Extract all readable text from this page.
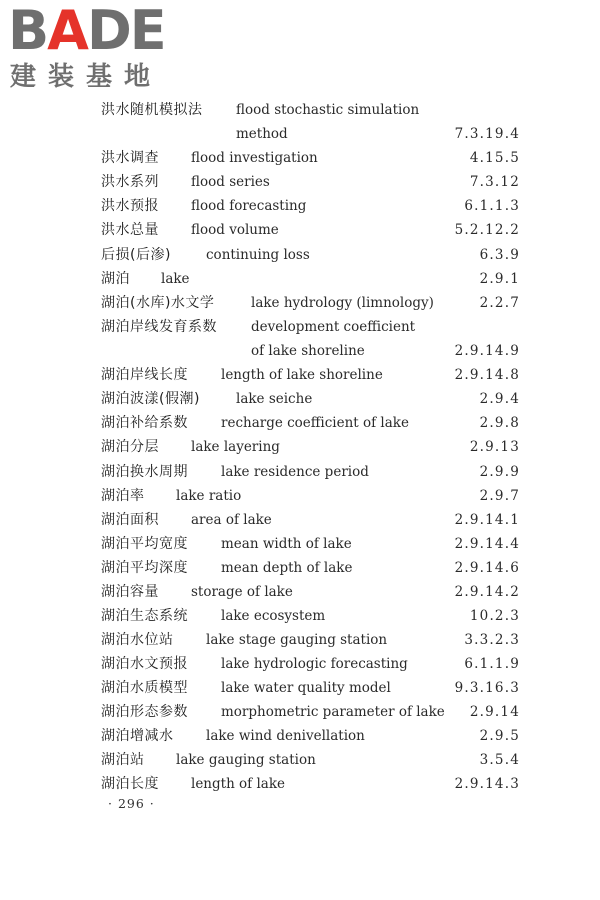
BADE
建装基地
洪水随机模拟法 flood stochastic simulation
method	7.3.19.4
洪水调查 flood investigation	4.15.5
洪水系列 flood series	7.3.12
洪水预报 flood forecasting	6.1.1.3
洪水总量 flood volume	5.2.12.2
后损(后渗)	continuing loss	6.3.9
湖泊 lake	2.9.1
湖泊(水库)水文学	lake hydrology (limnology)	2.2.7
湖泊岸线发育系数	development coefficient
of lake shoreline	2.9.14.9
湖泊岸线长度 length of lake shoreline	2.9.14.8
湖泊波漾(假潮)	lake seiche	2.9.4
湖泊补给系数 recharge coefficient of lake	2.9.8
湖泊分层 lake layering	2.9.13
湖泊换水周期 lake residence period	2.9.9
湖泊率 lake ratio	2.9.7
湖泊面积 area of lake	2.9.14.1
湖泊平均宽度 mean width of lake	2.9.14.4
湖泊平均深度 mean depth of lake	2.9.14.6
湖泊容量 storage of lake	2.9.14.2
湖泊生态系统 lake ecosystem	10.2.3
湖泊水位站 lake stage gauging station	3.3.2.3
湖泊水文预报 lake hydrologic forecasting	6.1.1.9
湖泊水质模型 lake water quality model	9.3.16.3
湖泊形态参数 morphometric parameter of lake 2.9.14
湖泊增减水 lake wind denivellation	2.9.5
湖泊站 lake gauging station	3.5.4
湖泊长度 length of lake	2.9.14.3
· 296 ·
